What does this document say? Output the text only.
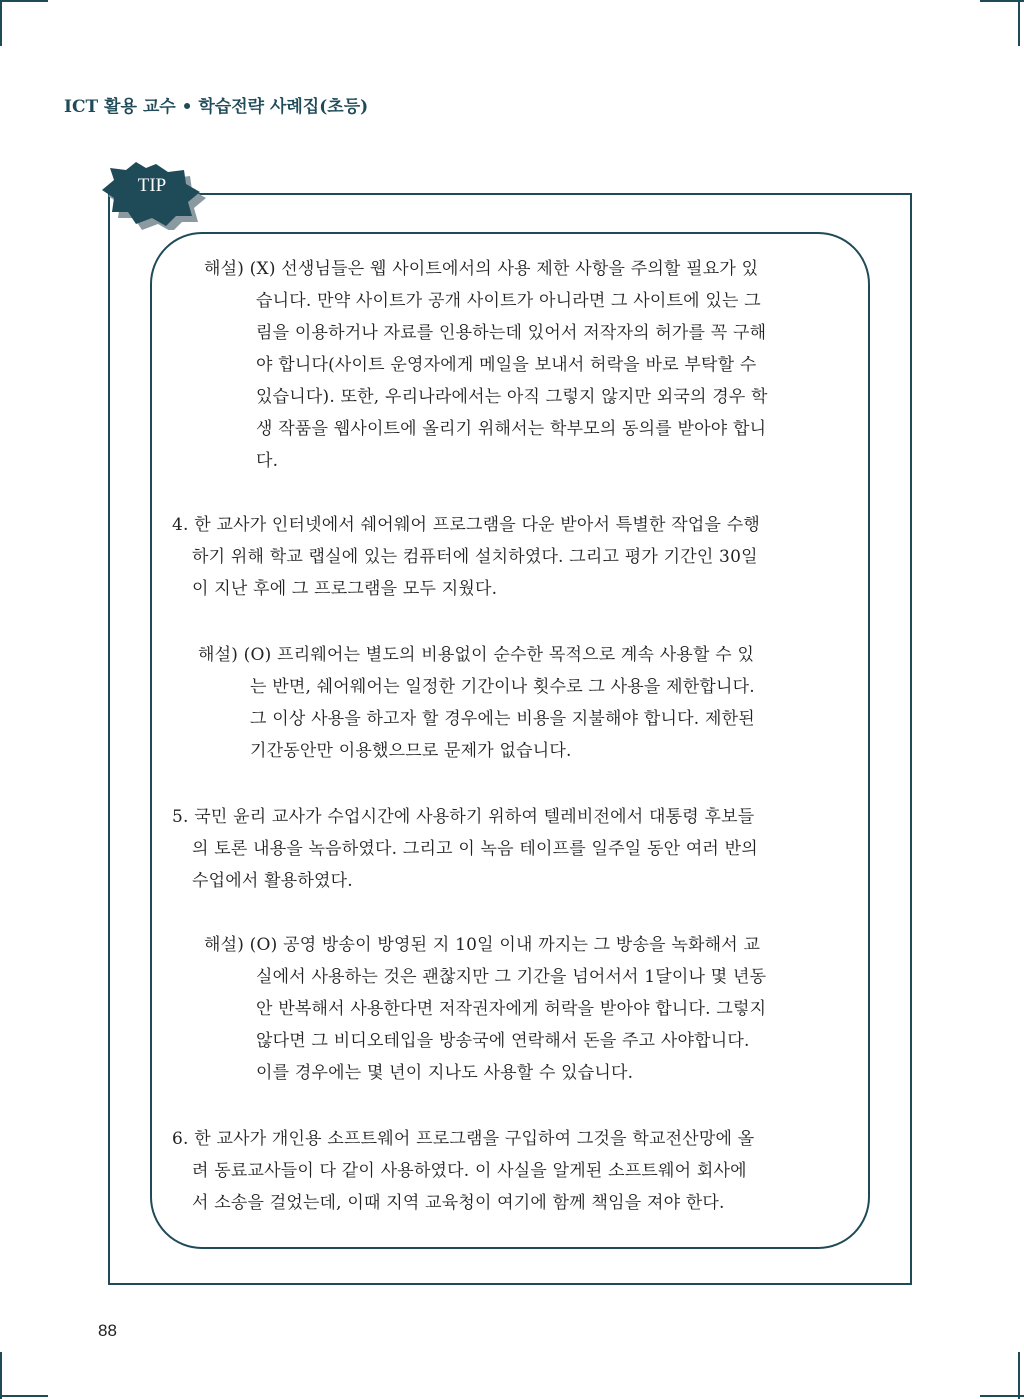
ICT 활용 교수 • 학습전략 사례집(초등)
TIP
해설) (X) 선생님들은 웹 사이트에서의 사용 제한 사항을 주의할 필요가 있
습니다. 만약 사이트가 공개 사이트가 아니라면 그 사이트에 있는 그
림을 이용하거나 자료를 인용하는데 있어서 저작자의 허가를 꼭 구해
야 합니다(사이트 운영자에게 메일을 보내서 허락을 바로 부탁할 수
있습니다). 또한, 우리나라에서는 아직 그렇지 않지만 외국의 경우 학
생 작품을 웹사이트에 올리기 위해서는 학부모의 동의를 받아야 합니
다.
4. 한 교사가 인터넷에서 쉐어웨어 프로그램을 다운 받아서 특별한 작업을 수행
하기 위해 학교 랩실에 있는 컴퓨터에 설치하였다. 그리고 평가 기간인 30일
이 지난 후에 그 프로그램을 모두 지웠다.
해설) (O) 프리웨어는 별도의 비용없이 순수한 목적으로 계속 사용할 수 있
는 반면, 쉐어웨어는 일정한 기간이나 횟수로 그 사용을 제한합니다.
그 이상 사용을 하고자 할 경우에는 비용을 지불해야 합니다. 제한된
기간동안만 이용했으므로 문제가 없습니다.
5. 국민 윤리 교사가 수업시간에 사용하기 위하여 텔레비전에서 대통령 후보들
의 토론 내용을 녹음하였다. 그리고 이 녹음 테이프를 일주일 동안 여러 반의
수업에서 활용하였다.
해설) (O) 공영 방송이 방영된 지 10일 이내 까지는 그 방송을 녹화해서 교
실에서 사용하는 것은 괜찮지만 그 기간을 넘어서서 1달이나 몇 년동
안 반복해서 사용한다면 저작권자에게 허락을 받아야 합니다. 그렇지
않다면 그 비디오테입을 방송국에 연락해서 돈을 주고 사야합니다.
이를 경우에는 몇 년이 지나도 사용할 수 있습니다.
6. 한 교사가 개인용 소프트웨어 프로그램을 구입하여 그것을 학교전산망에 올
려 동료교사들이 다 같이 사용하였다. 이 사실을 알게된 소프트웨어 회사에
서 소송을 걸었는데, 이때 지역 교육청이 여기에 함께 책임을 져야 한다.
88
